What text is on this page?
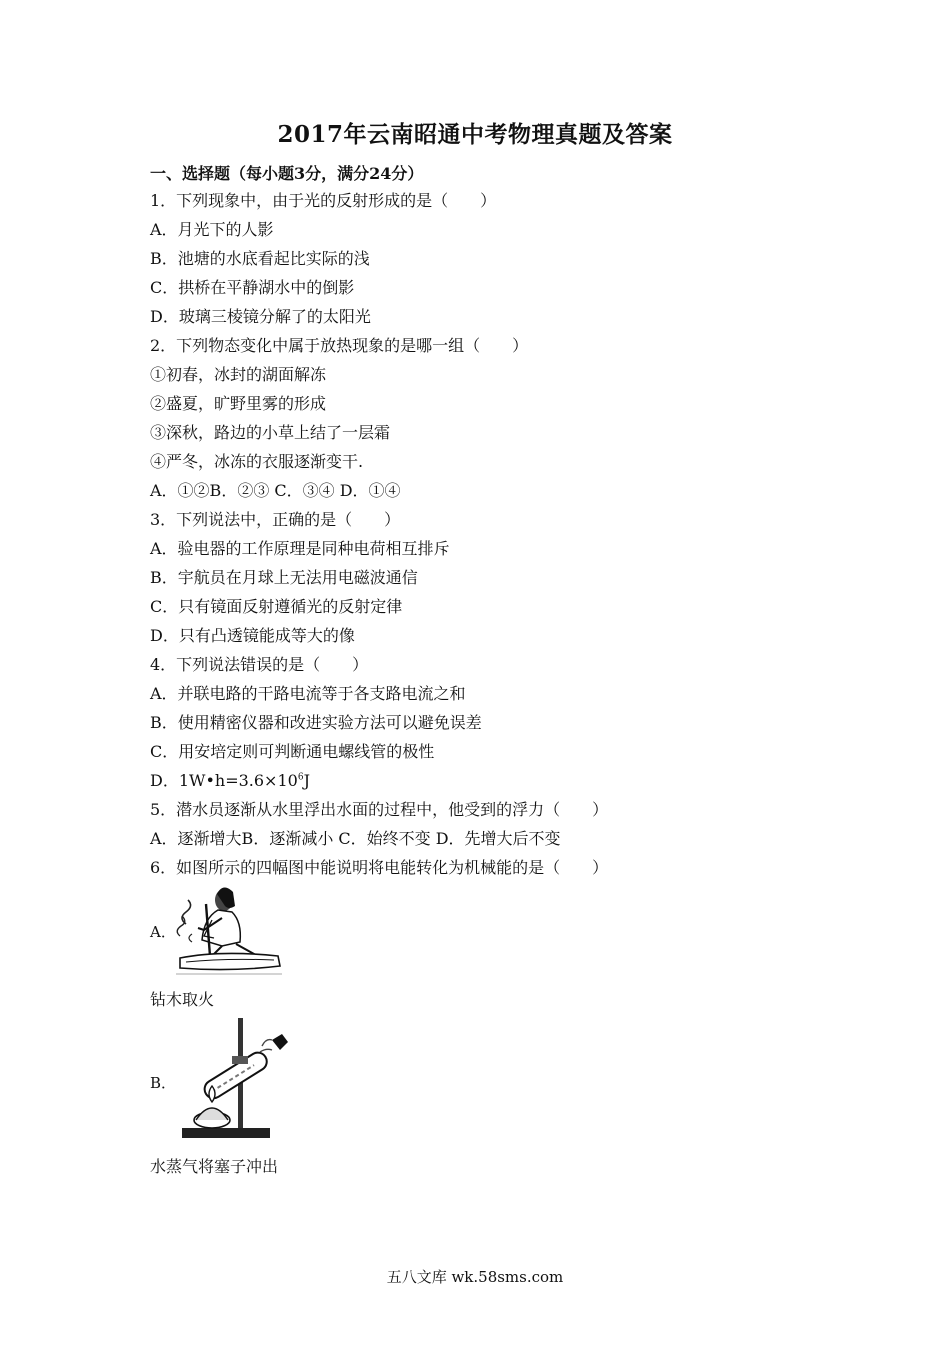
2017年云南昭通中考物理真题及答案
一、选择题（每小题3分，满分24分）
1．下列现象中，由于光的反射形成的是（　　）
A．月光下的人影
B．池塘的水底看起比实际的浅
C．拱桥在平静湖水中的倒影
D．玻璃三棱镜分解了的太阳光
2．下列物态变化中属于放热现象的是哪一组（　　）
①初春，冰封的湖面解冻
②盛夏，旷野里雾的形成
③深秋，路边的小草上结了一层霜
④严冬，冰冻的衣服逐渐变干.
A．①②B．②③ C．③④ D．①④
3．下列说法中，正确的是（　　）
A．验电器的工作原理是同种电荷相互排斥
B．宇航员在月球上无法用电磁波通信
C．只有镜面反射遵循光的反射定律
D．只有凸透镜能成等大的像
4．下列说法错误的是（　　）
A．并联电路的干路电流等于各支路电流之和
B．使用精密仪器和改进实验方法可以避免误差
C．用安培定则可判断通电螺线管的极性
D．$1W•h=3.6\times 10^6J$
5．潜水员逐渐从水里浮出水面的过程中，他受到的浮力（　　）
A．逐渐增大B．逐渐减小 C．始终不变 D．先增大后不变
6．如图所示的四幅图中能说明将电能转化为机械能的是（　　）
A．
钻木取火
B．
水蒸气将塞子冲出
五八文库 wk.58sms.com
